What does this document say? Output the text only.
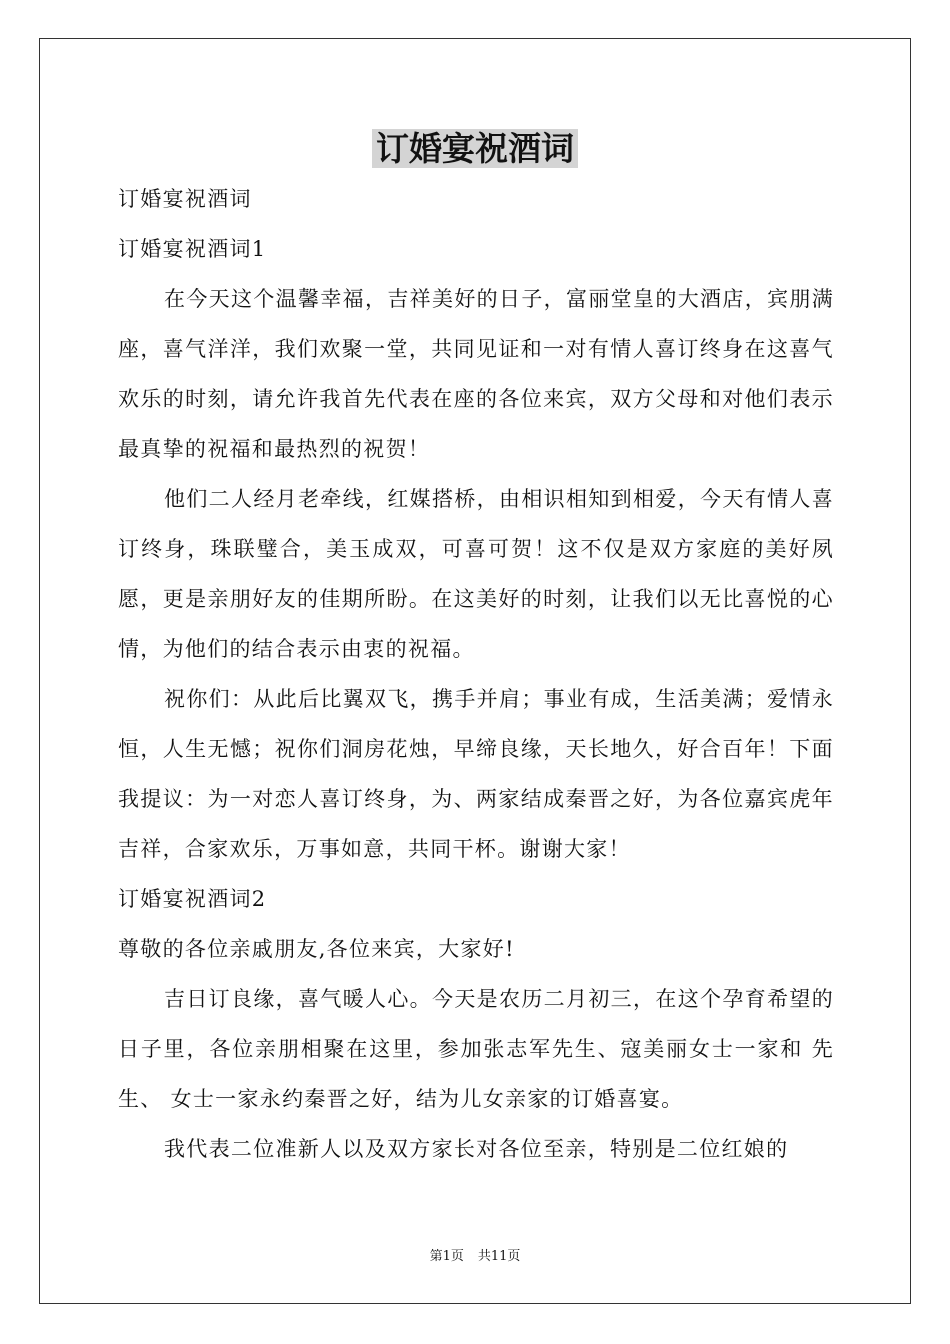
订婚宴祝酒词

订婚宴祝酒词

订婚宴祝酒词1

在今天这个温馨幸福，吉祥美好的日子，富丽堂皇的大酒店，宾朋满座，喜气洋洋，我们欢聚一堂，共同见证和一对有情人喜订终身在这喜气欢乐的时刻，请允许我首先代表在座的各位来宾，双方父母和对他们表示最真挚的祝福和最热烈的祝贺！

他们二人经月老牵线，红媒搭桥，由相识相知到相爱，今天有情人喜订终身，珠联璧合，美玉成双，可喜可贺！这不仅是双方家庭的美好夙愿，更是亲朋好友的佳期所盼。在这美好的时刻，让我们以无比喜悦的心情，为他们的结合表示由衷的祝福。

祝你们：从此后比翼双飞，携手并肩；事业有成，生活美满；爱情永恒，人生无憾；祝你们洞房花烛，早缔良缘，天长地久，好合百年！下面我提议：为一对恋人喜订终身，为、两家结成秦晋之好，为各位嘉宾虎年吉祥，合家欢乐，万事如意，共同干杯。谢谢大家！

订婚宴祝酒词2

尊敬的各位亲戚朋友,各位来宾，大家好!

吉日订良缘，喜气暖人心。今天是农历二月初三，在这个孕育希望的日子里，各位亲朋相聚在这里，参加张志军先生、寇美丽女士一家和 先生、 女士一家永约秦晋之好，结为儿女亲家的订婚喜宴。

我代表二位准新人以及双方家长对各位至亲，特别是二位红娘的

第1页 共11页
